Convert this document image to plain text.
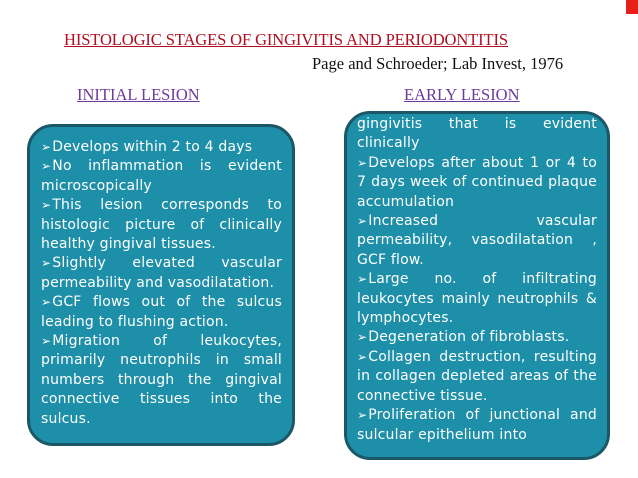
HISTOLOGIC STAGES OF GINGIVITIS AND PERIODONTITIS
Page and Schroeder; Lab Invest, 1976
INITIAL LESION	EARLY LESION
➢Develops within 2 to 4 days
➢No inflammation is evident microscopically
➢This lesion corresponds to histologic picture of clinically healthy gingival tissues.
➢Slightly elevated vascular permeability and vasodilatation.
➢GCF flows out of the sulcus leading to flushing action.
➢Migration of leukocytes, primarily neutrophils in small numbers through the gingival connective tissues into the sulcus.
gingivitis that is evident clinically
➢Develops after about 1 or 4 to 7 days week of continued plaque accumulation
➢Increased vascular permeability, vasodilatation , GCF flow.
➢Large no. of infiltrating leukocytes mainly neutrophils & lymphocytes.
➢Degeneration of fibroblasts.
➢Collagen destruction, resulting in collagen depleted areas of the connective tissue.
➢Proliferation of junctional and sulcular epithelium into
